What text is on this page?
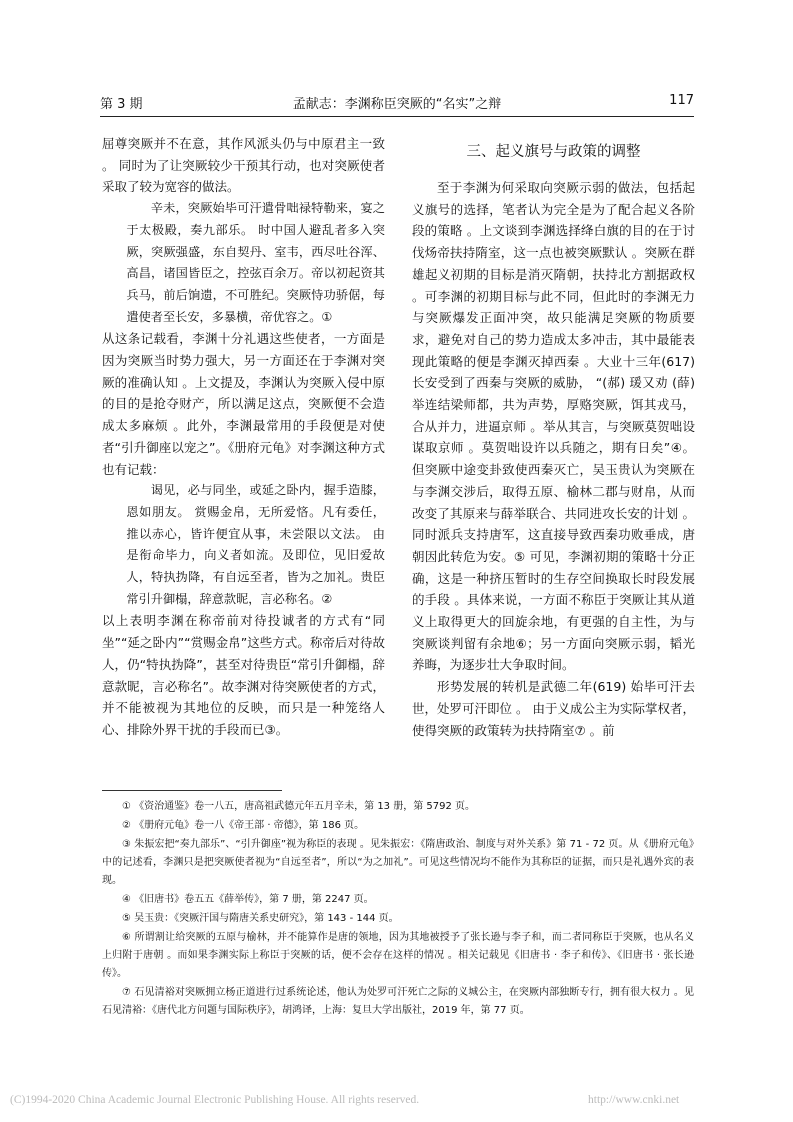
第 3 期	孟献志：李渊称臣突厥的“名实”之辩	117

屈尊突厥并不在意，其作风派头仍与中原君主一致 。 同时为了让突厥较少干预其行动，也对突厥使者采取了较为宽容的做法。

辛未，突厥始毕可汗遣骨咄禄特勒来，宴之于太极殿，奏九部乐。 时中国人避乱者多入突厥，突厥强盛，东自契丹、室韦，西尽吐谷浑、高昌，诸国皆臣之，控弦百余万。帝以初起资其兵马，前后饷遗，不可胜纪。突厥恃功骄倨，每遣使者至长安，多暴横，帝优容之。①

从这条记载看，李渊十分礼遇这些使者，一方面是因为突厥当时势力强大，另一方面还在于李渊对突厥的准确认知 。上文提及，李渊认为突厥入侵中原的目的是抢夺财产，所以满足这点，突厥便不会造成太多麻烦 。此外，李渊最常用的手段便是对使者“引升御座以宠之”。《册府元龟》对李渊这种方式也有记载：

谒见，必与同坐，或延之卧内，握手造膝，恩如朋友。 赏赐金帛，无所爱悋。凡有委任，推以赤心，皆许便宜从事，未尝限以文法。 由是衔命毕力，向义者如流。及即位，见旧爱故人，特执㧑降，有自远至者，皆为之加礼。贵臣常引升御榻，辞意款昵，言必称名。②

以上表明李渊在称帝前对待投诚者的方式有“同坐”“延之卧内”“赏赐金帛”这些方式。称帝后对待故人，仍“特执㧑降”，甚至对待贵臣“常引升御榻，辞意款昵，言必称名”。故李渊对待突厥使者的方式，并不能被视为其地位的反映，而只是一种笼络人心、排除外界干扰的手段而已③。

三、起义旗号与政策的调整

至于李渊为何采取向突厥示弱的做法，包括起义旗号的选择，笔者认为完全是为了配合起义各阶段的策略 。上文谈到李渊选择绛白旗的目的在于讨伐炀帝扶持隋室，这一点也被突厥默认 。突厥在群雄起义初期的目标是消灭隋朝，扶持北方割据政权 。可李渊的初期目标与此不同，但此时的李渊无力与突厥爆发正面冲突，故只能满足突厥的物质要求，避免对自己的势力造成太多冲击，其中最能表现此策略的便是李渊灭掉西秦 。大业十三年(617) 长安受到了西秦与突厥的威胁， “(郝) 瑗又劝 (薛) 举连结梁师都，共为声势，厚赂突厥，饵其戎马，合从并力，进逼京师 。举从其言，与突厥莫贺咄设谋取京师 。莫贺咄设许以兵随之，期有日矣”④。但突厥中途变卦致使西秦灭亡，吴玉贵认为突厥在与李渊交涉后，取得五原、榆林二郡与财帛，从而改变了其原来与薛举联合、共同进攻长安的计划 。 同时派兵支持唐军，这直接导致西秦功败垂成，唐朝因此转危为安。⑤ 可见，李渊初期的策略十分正确，这是一种挤压暂时的生存空间换取长时段发展的手段 。具体来说，一方面不称臣于突厥让其从道义上取得更大的回旋余地，有更强的自主性，为与突厥谈判留有余地⑥；另一方面向突厥示弱，韬光养晦，为逐步壮大争取时间。

形势发展的转机是武德二年(619) 始毕可汗去世，处罗可汗即位 。 由于义成公主为实际掌权者，使得突厥的政策转为扶持隋室⑦ 。前

① 《资治通鉴》卷一八五，唐高祖武德元年五月辛未，第 13 册，第 5792 页。

② 《册府元龟》卷一八《帝王部 · 帝德》，第 186 页。

③ 朱振宏把“奏九部乐”、“引升御座”视为称臣的表现 。见朱振宏：《隋唐政治、制度与对外关系》第 71 - 72 页。从《册府元龟》中的记述看，李渊只是把突厥使者视为“自远至者”，所以“为之加礼”。可见这些情况均不能作为其称臣的证据，而只是礼遇外宾的表现。

④ 《旧唐书》卷五五《薛举传》，第 7 册，第 2247 页。

⑤ 吴玉贵：《突厥汗国与隋唐关系史研究》，第 143 - 144 页。

⑥ 所谓割让给突厥的五原与榆林，并不能算作是唐的领地，因为其地被授予了张长逊与李子和，而二者同称臣于突厥，也从名义上归附于唐朝 。而如果李渊实际上称臣于突厥的话，便不会存在这样的情况 。相关记载见《旧唐书 · 李子和传》、《旧唐书 · 张长逊传》。

⑦ 石见清裕对突厥拥立杨正道进行过系统论述，他认为处罗可汗死亡之际的义城公主，在突厥内部独断专行，拥有很大权力 。见石见清裕：《唐代北方问题与国际秩序》，胡鸿译，上海：复旦大学出版社，2019 年，第 77 页。

(C)1994-2020 China Academic Journal Electronic Publishing House. All rights reserved.	http://www.cnki.net
